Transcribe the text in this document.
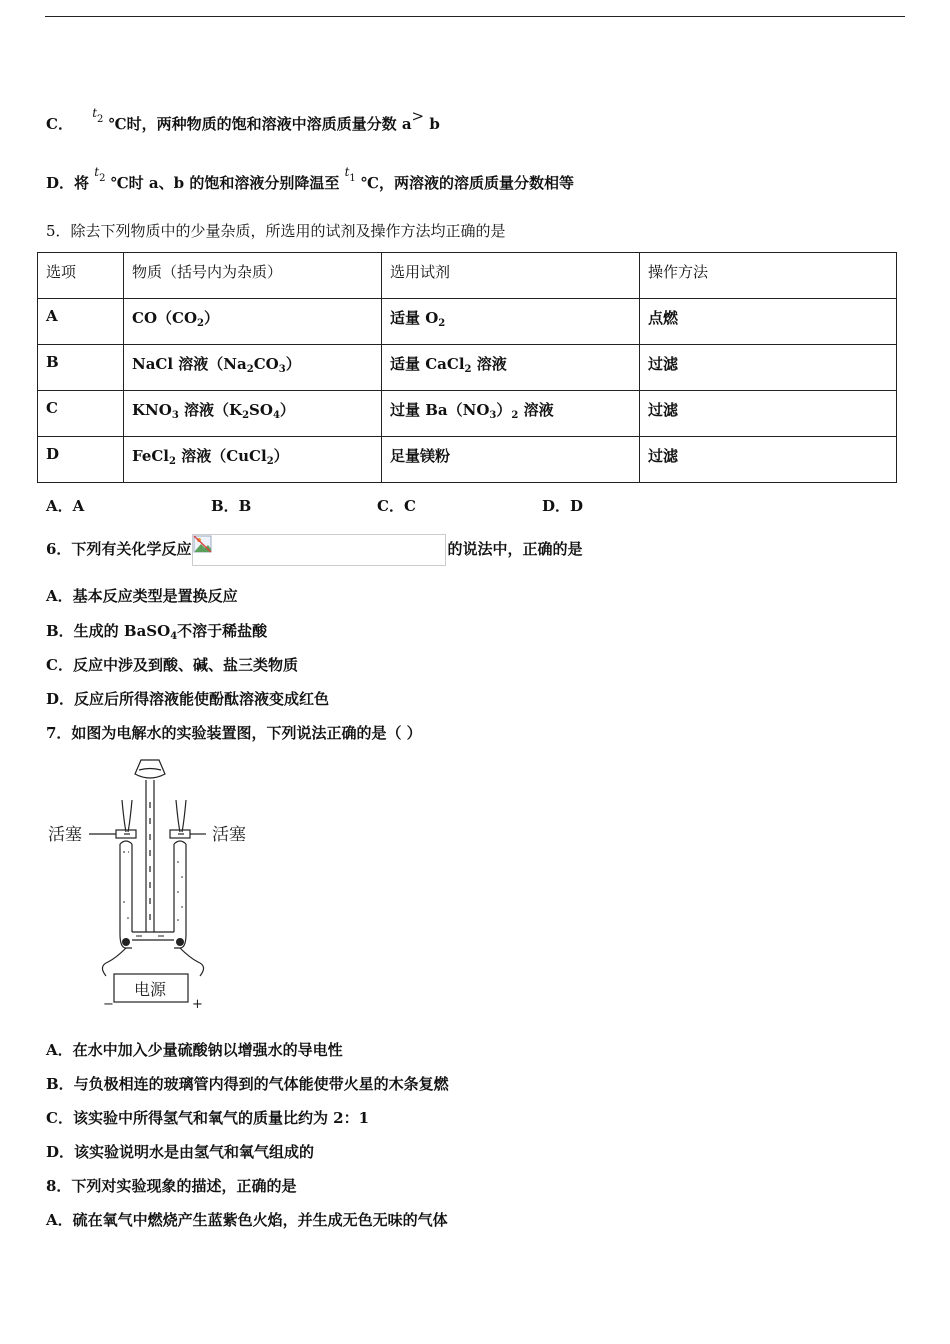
C． $^{t2}$ ℃时，两种物质的饱和溶液中溶质质量分数 a> b
D．将 $^{t2}$ ℃时 a、b 的饱和溶液分别降温至 $^{t1}$ ℃，两溶液的溶质质量分数相等
5．除去下列物质中的少量杂质，所选用的试剂及操作方法均正确的是
选项	物质（括号内为杂质）	选用试剂	操作方法
A	$CO(CO_2)$	适量 $O_2$	点燃
B	NaCl 溶液$(Na_2CO_3)$	适量 CaCl$_2$ 溶液	过滤
C	$KNO_3$ 溶液$(K_2SO_4)$	过量 $Ba(NO_3)_2$ 溶液	过滤
D	FeCl$_2$ 溶液（CuCl$_2$）	足量镁粉	过滤
A．A	B．B	C．C	D．D
6．下列有关化学反应	的说法中，正确的是
A．基本反应类型是置换反应
B．生成的 BaSO$_4$不溶于稀盐酸
C．反应中涉及到酸、碱、盐三类物质
D．反应后所得溶液能使酚酞溶液变成红色
7．如图为电解水的实验装置图，下列说法正确的是（ ）
活塞	活塞
电源
−	+
A．在水中加入少量硫酸钠以增强水的导电性
B．与负极相连的玻璃管内得到的气体能使带火星的木条复燃
C．该实验中所得氢气和氧气的质量比约为 2：1
D．该实验说明水是由氢气和氧气组成的
8．下列对实验现象的描述，正确的是
A．硫在氧气中燃烧产生蓝紫色火焰，并生成无色无味的气体
